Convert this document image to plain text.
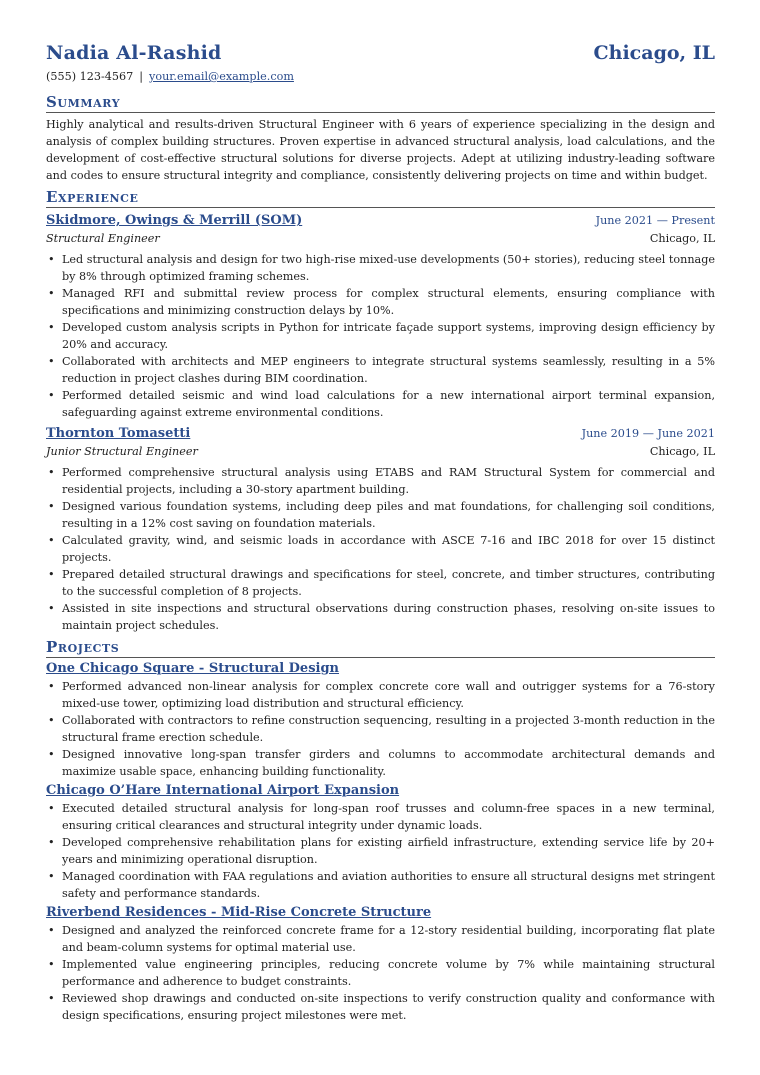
Nadia Al-Rashid	Chicago, IL
(555) 123-4567 | your.email@example.com
Summary

Highly analytical and results-driven Structural Engineer with 6 years of experience specializing in the design and analysis of complex building structures. Proven expertise in advanced structural analysis, load calculations, and the development of cost-effective structural solutions for diverse projects. Adept at utilizing industry-leading software and codes to ensure structural integrity and compliance, consistently delivering projects on time and within budget.

Experience
Skidmore, Owings & Merrill (SOM)	June 2021 — Present
Structural Engineer	Chicago, IL
• Led structural analysis and design for two high-rise mixed-use developments (50+ stories), reducing steel tonnage by 8% through optimized framing schemes.
• Managed RFI and submittal review process for complex structural elements, ensuring compliance with specifications and minimizing construction delays by 10%.
• Developed custom analysis scripts in Python for intricate façade support systems, improving design efficiency by 20% and accuracy.
• Collaborated with architects and MEP engineers to integrate structural systems seamlessly, resulting in a 5% reduction in project clashes during BIM coordination.
• Performed detailed seismic and wind load calculations for a new international airport terminal expansion, safeguarding against extreme environmental conditions.
Thornton Tomasetti	June 2019 — June 2021
Junior Structural Engineer	Chicago, IL
• Performed comprehensive structural analysis using ETABS and RAM Structural System for commercial and residential projects, including a 30-story apartment building.
• Designed various foundation systems, including deep piles and mat foundations, for challenging soil conditions, resulting in a 12% cost saving on foundation materials.
• Calculated gravity, wind, and seismic loads in accordance with ASCE 7-16 and IBC 2018 for over 15 distinct projects.
• Prepared detailed structural drawings and specifications for steel, concrete, and timber structures, contributing to the successful completion of 8 projects.
• Assisted in site inspections and structural observations during construction phases, resolving on-site issues to maintain project schedules.
Projects
One Chicago Square - Structural Design
• Performed advanced non-linear analysis for complex concrete core wall and outrigger systems for a 76-story mixed-use tower, optimizing load distribution and structural efficiency.
• Collaborated with contractors to refine construction sequencing, resulting in a projected 3-month reduction in the structural frame erection schedule.
• Designed innovative long-span transfer girders and columns to accommodate architectural demands and maximize usable space, enhancing building functionality.
Chicago O’Hare International Airport Expansion
• Executed detailed structural analysis for long-span roof trusses and column-free spaces in a new terminal, ensuring critical clearances and structural integrity under dynamic loads.
• Developed comprehensive rehabilitation plans for existing airfield infrastructure, extending service life by 20+ years and minimizing operational disruption.
• Managed coordination with FAA regulations and aviation authorities to ensure all structural designs met stringent safety and performance standards.
Riverbend Residences - Mid-Rise Concrete Structure
• Designed and analyzed the reinforced concrete frame for a 12-story residential building, incorporating flat plate and beam-column systems for optimal material use.
• Implemented value engineering principles, reducing concrete volume by 7% while maintaining structural performance and adherence to budget constraints.
• Reviewed shop drawings and conducted on-site inspections to verify construction quality and conformance with design specifications, ensuring project milestones were met.
